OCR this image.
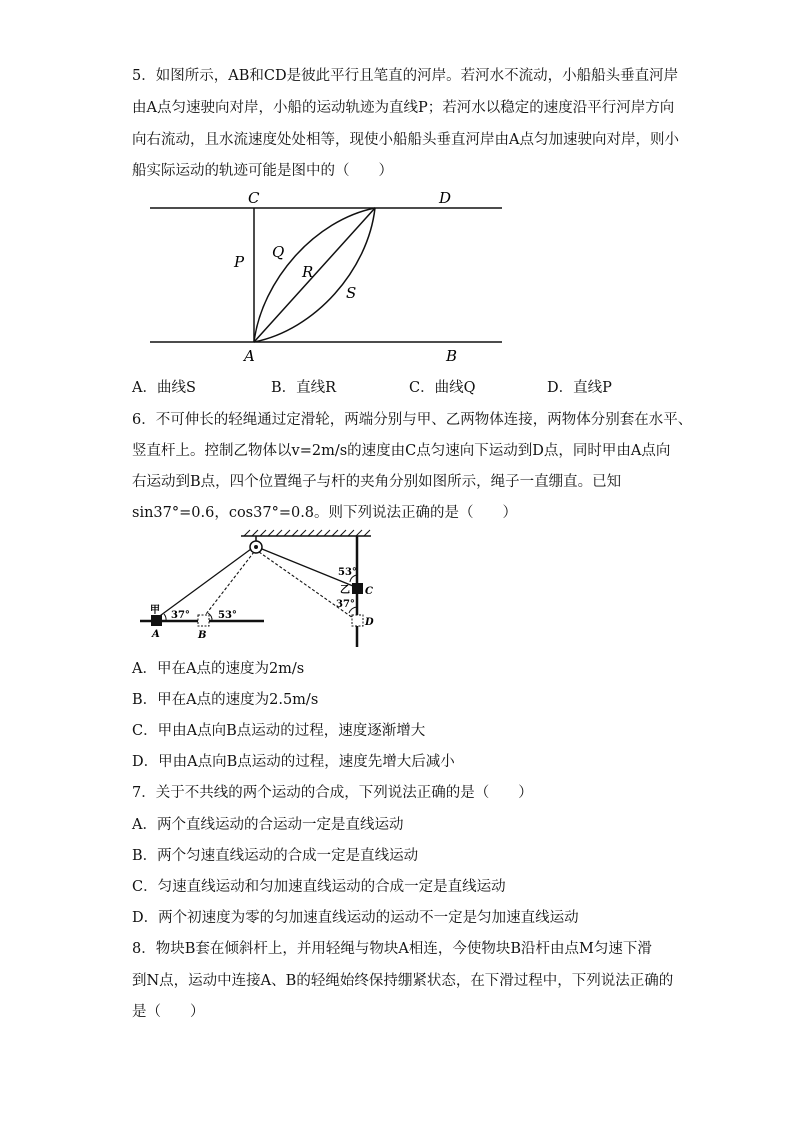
5．如图所示，AB和CD是彼此平行且笔直的河岸。若河水不流动，小船船头垂直河岸
由A点匀速驶向对岸，小船的运动轨迹为直线P；若河水以稳定的速度沿平行河岸方向
向右流动，且水流速度处处相等，现使小船船头垂直河岸由A点匀加速驶向对岸，则小
船实际运动的轨迹可能是图中的（　　）
C	D
A	B
P
Q
R
S
A．曲线S	B．直线R	C．曲线Q	D．直线P
6．不可伸长的轻绳通过定滑轮，两端分别与甲、乙两物体连接，两物体分别套在水平、
竖直杆上。控制乙物体以v=2m/s的速度由C点匀速向下运动到D点，同时甲由A点向
右运动到B点，四个位置绳子与杆的夹角分别如图所示，绳子一直绷直。已知
sin37°=0.6，cos37°=0.8。则下列说法正确的是（　　）
甲 37°	53°
A	B
53°
乙 C
37°
D
A．甲在A点的速度为2m/s
B．甲在A点的速度为2.5m/s
C．甲由A点向B点运动的过程，速度逐渐增大
D．甲由A点向B点运动的过程，速度先增大后减小
7．关于不共线的两个运动的合成，下列说法正确的是（　　）
A．两个直线运动的合运动一定是直线运动
B．两个匀速直线运动的合成一定是直线运动
C．匀速直线运动和匀加速直线运动的合成一定是直线运动
D．两个初速度为零的匀加速直线运动的运动不一定是匀加速直线运动
8．物块B套在倾斜杆上，并用轻绳与物块A相连，今使物块B沿杆由点M匀速下滑
到N点，运动中连接A、B的轻绳始终保持绷紧状态，在下滑过程中，下列说法正确的
是（　　）
